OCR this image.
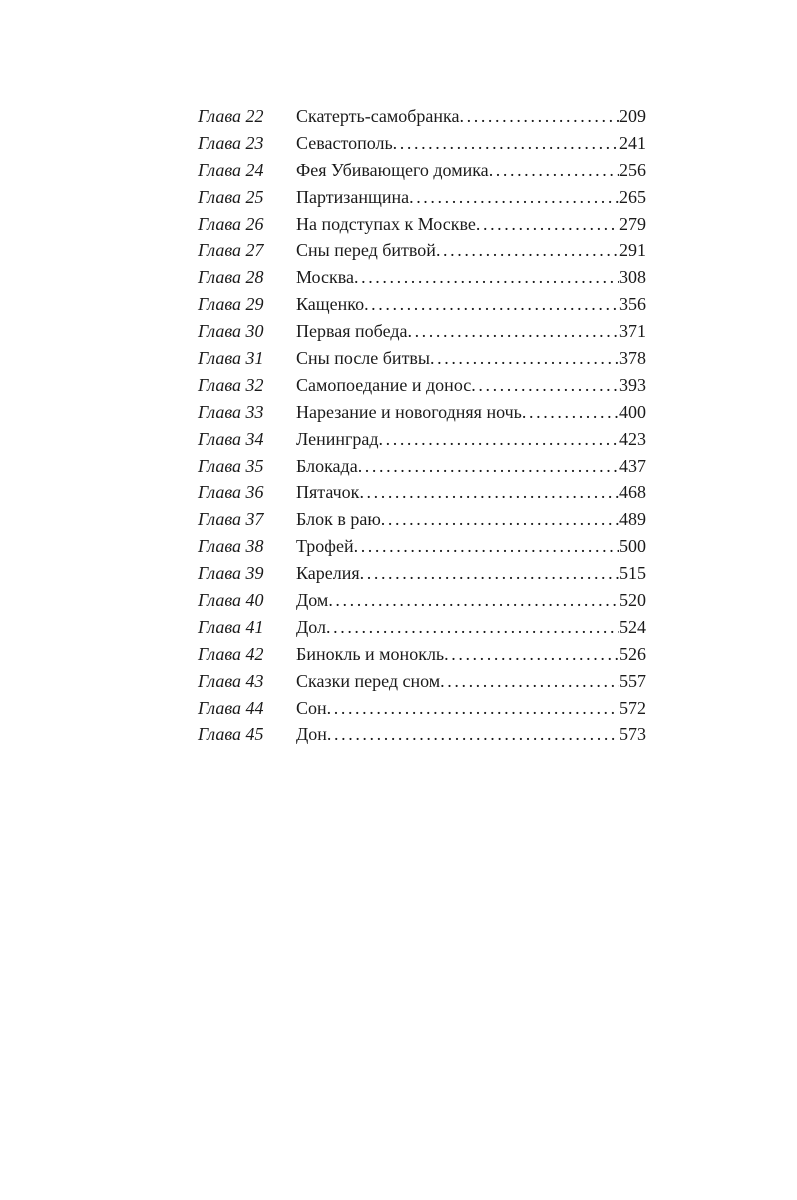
Глава 22	Скатерть-самобранка .....	209
Глава 23	Севастополь .....	241
Глава 24	Фея Убивающего домика .....	256
Глава 25	Партизанщина .....	265
Глава 26	На подступах к Москве .....	279
Глава 27	Сны перед битвой .....	291
Глава 28	Москва .....	308
Глава 29	Кащенко .....	356
Глава 30	Первая победа .....	371
Глава 31	Сны после битвы .....	378
Глава 32	Самопоедание и донос .....	393
Глава 33	Нарезание и новогодняя ночь .....	400
Глава 34	Ленинград .....	423
Глава 35	Блокада .....	437
Глава 36	Пятачок .....	468
Глава 37	Блок в раю .....	489
Глава 38	Трофей .....	500
Глава 39	Карелия .....	515
Глава 40	Дом .....	520
Глава 41	Дол .....	524
Глава 42	Бинокль и монокль .....	526
Глава 43	Сказки перед сном .....	557
Глава 44	Сон .....	572
Глава 45	Дон .....	573
